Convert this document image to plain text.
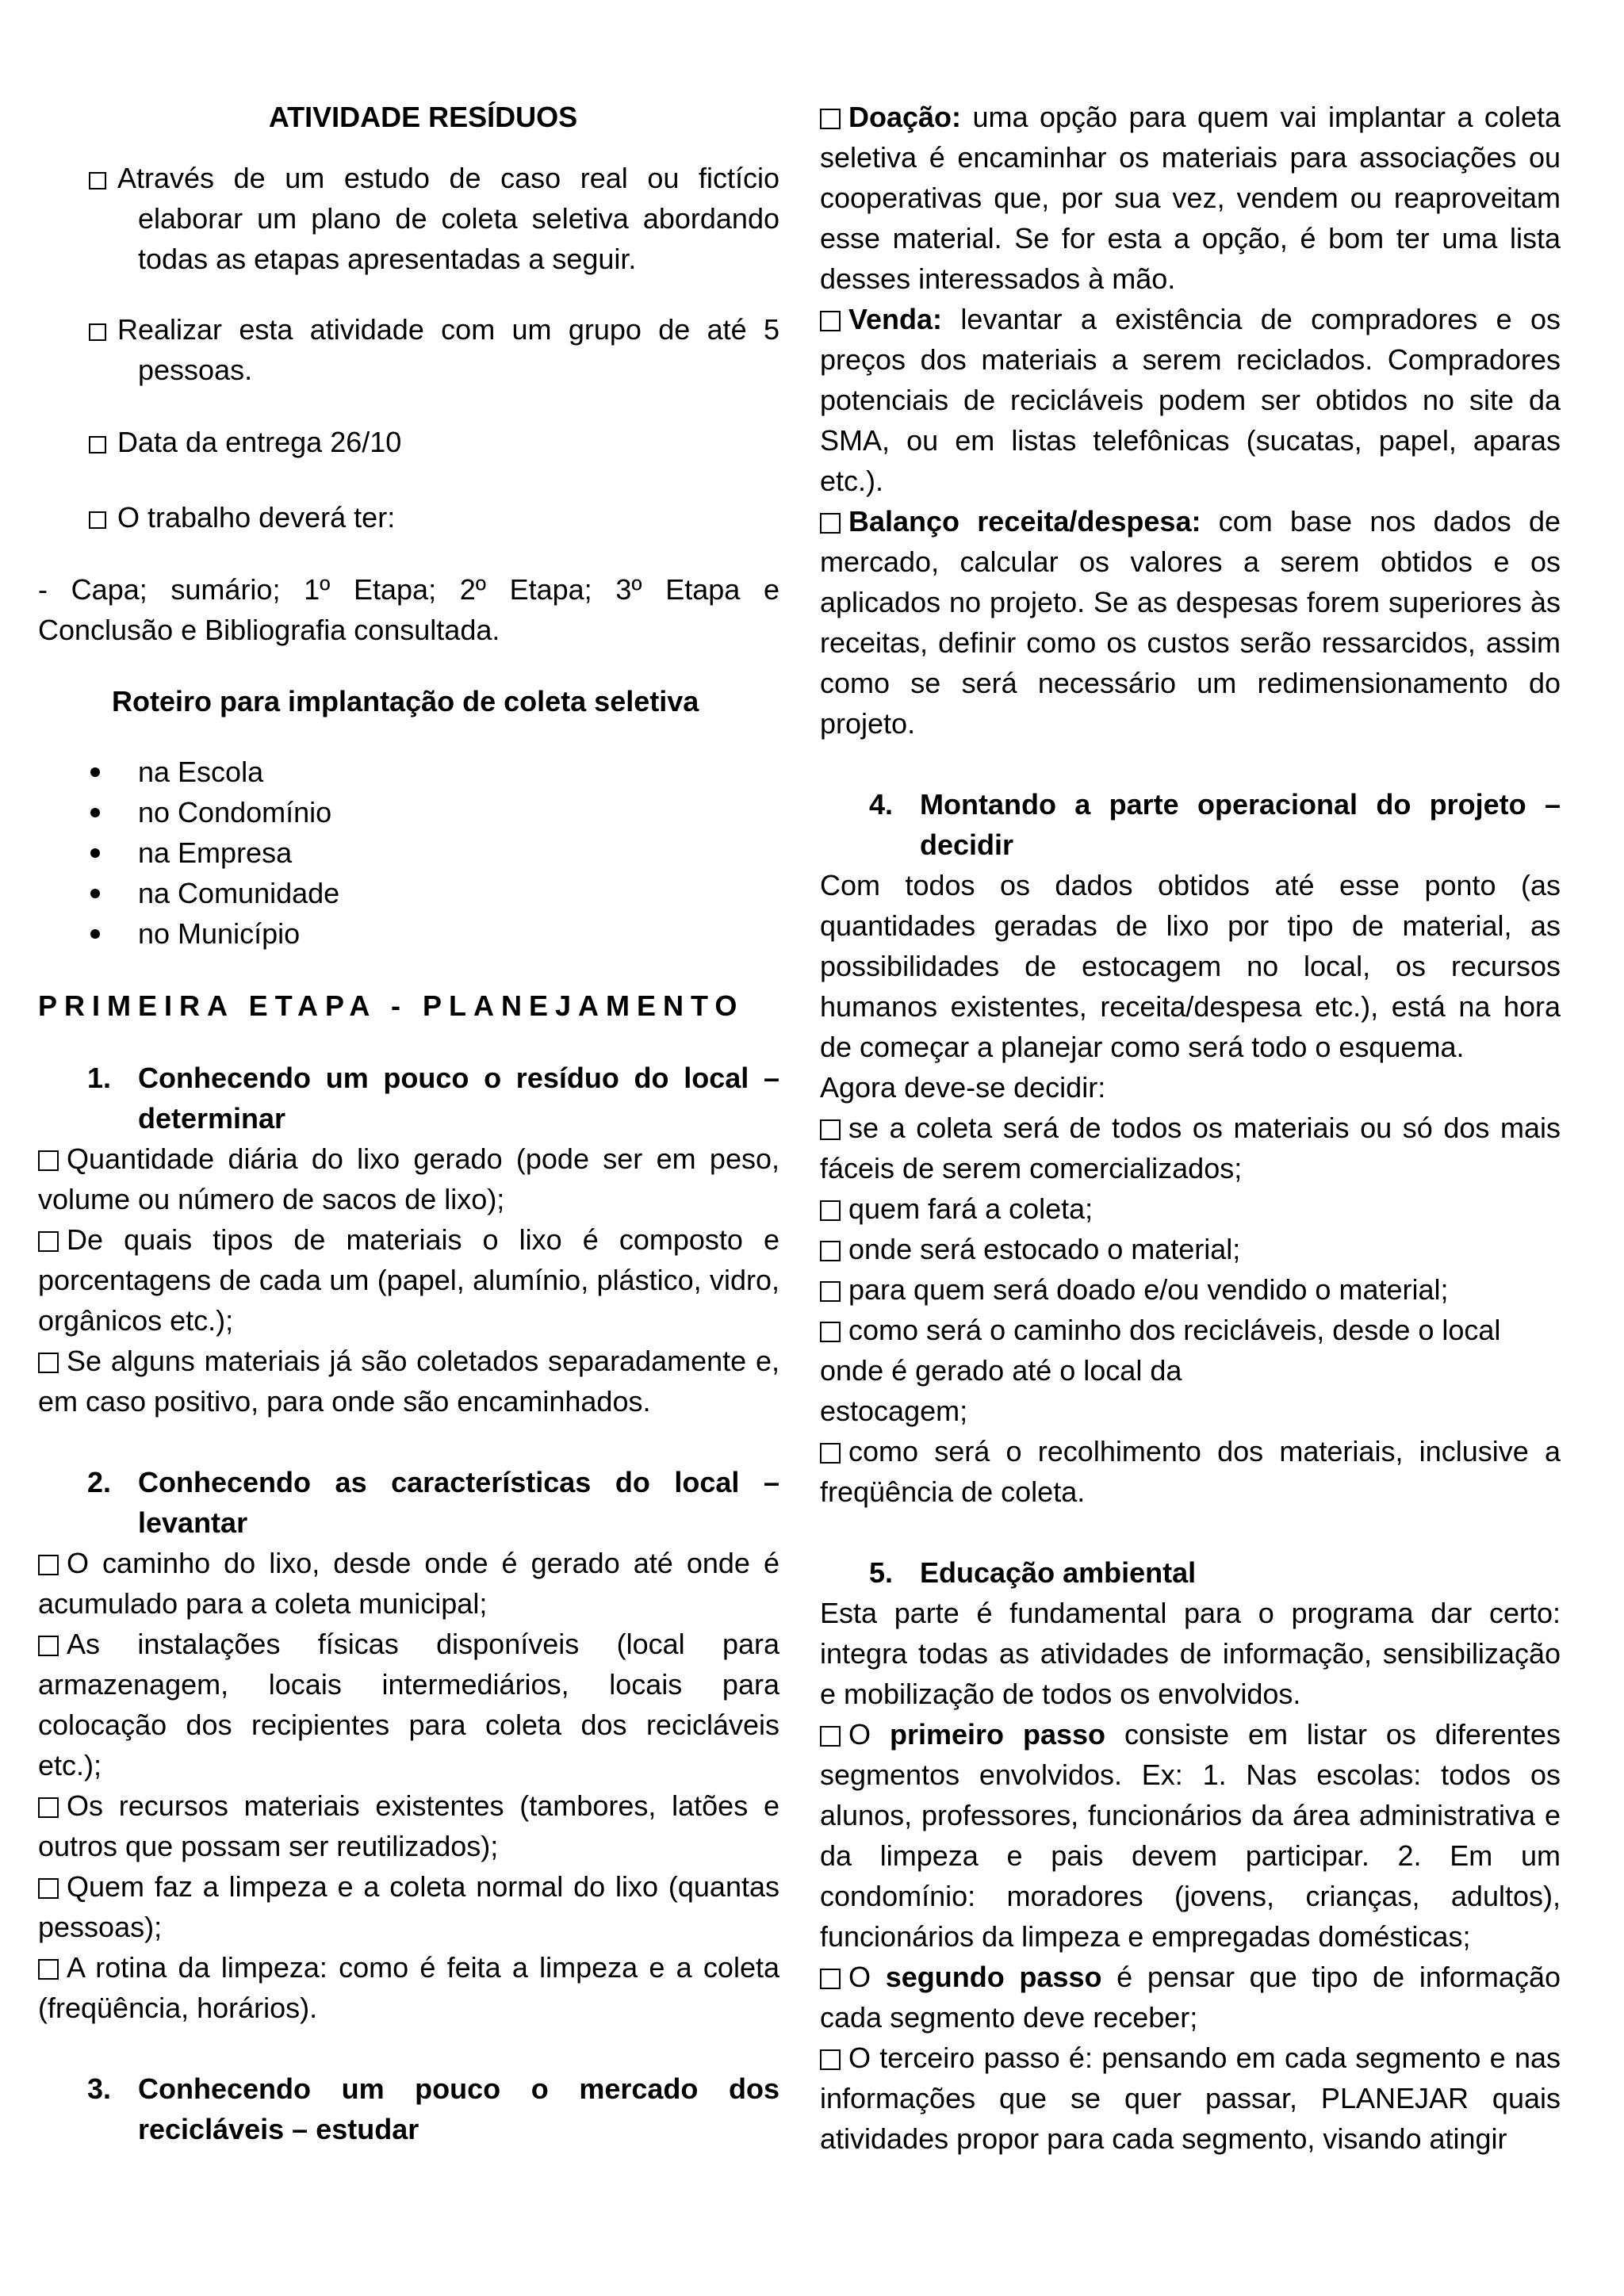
ATIVIDADE RESÍDUOS

Através de um estudo de caso real ou fictício elaborar um plano de coleta seletiva abordando todas as etapas apresentadas a seguir.

Realizar esta atividade com um grupo de até 5 pessoas.

Data da entrega 26/10

O trabalho deverá ter:

- Capa; sumário; 1º Etapa; 2º Etapa; 3º Etapa e Conclusão e Bibliografia consultada.

Roteiro para implantação de coleta seletiva

na Escola

no Condomínio

na Empresa

na Comunidade

no Município

PRIMEIRA ETAPA - PLANEJAMENTO

1. Conhecendo um pouco o resíduo do local – determinar

Quantidade diária do lixo gerado (pode ser em peso, volume ou número de sacos de lixo);

De quais tipos de materiais o lixo é composto e porcentagens de cada um (papel, alumínio, plástico, vidro, orgânicos etc.);

Se alguns materiais já são coletados separadamente e, em caso positivo, para onde são encaminhados.

2. Conhecendo as características do local – levantar

O caminho do lixo, desde onde é gerado até onde é acumulado para a coleta municipal;

As instalações físicas disponíveis (local para armazenagem, locais intermediários, locais para colocação dos recipientes para coleta dos recicláveis etc.);

Os recursos materiais existentes (tambores, latões e outros que possam ser reutilizados);

Quem faz a limpeza e a coleta normal do lixo (quantas pessoas);

A rotina da limpeza: como é feita a limpeza e a coleta (freqüência, horários).

3. Conhecendo um pouco o mercado dos recicláveis – estudar

Doação: uma opção para quem vai implantar a coleta seletiva é encaminhar os materiais para associações ou cooperativas que, por sua vez, vendem ou reaproveitam esse material. Se for esta a opção, é bom ter uma lista desses interessados à mão.

Venda: levantar a existência de compradores e os preços dos materiais a serem reciclados. Compradores potenciais de recicláveis podem ser obtidos no site da SMA, ou em listas telefônicas (sucatas, papel, aparas etc.).

Balanço receita/despesa: com base nos dados de mercado, calcular os valores a serem obtidos e os aplicados no projeto. Se as despesas forem superiores às receitas, definir como os custos serão ressarcidos, assim como se será necessário um redimensionamento do projeto.

4. Montando a parte operacional do projeto – decidir

Com todos os dados obtidos até esse ponto (as quantidades geradas de lixo por tipo de material, as possibilidades de estocagem no local, os recursos humanos existentes, receita/despesa etc.), está na hora de começar a planejar como será todo o esquema.

Agora deve-se decidir:

se a coleta será de todos os materiais ou só dos mais fáceis de serem comercializados;

quem fará a coleta;

onde será estocado o material;

para quem será doado e/ou vendido o material;

como será o caminho dos recicláveis, desde o local onde é gerado até o local da

estocagem;

como será o recolhimento dos materiais, inclusive a freqüência de coleta.

5. Educação ambiental

Esta parte é fundamental para o programa dar certo: integra todas as atividades de informação, sensibilização e mobilização de todos os envolvidos.

O primeiro passo consiste em listar os diferentes segmentos envolvidos. Ex: 1. Nas escolas: todos os alunos, professores, funcionários da área administrativa e da limpeza e pais devem participar. 2. Em um condomínio: moradores (jovens, crianças, adultos), funcionários da limpeza e empregadas domésticas;

O segundo passo é pensar que tipo de informação cada segmento deve receber;

O terceiro passo é: pensando em cada segmento e nas informações que se quer passar, PLANEJAR quais atividades propor para cada segmento, visando atingir
